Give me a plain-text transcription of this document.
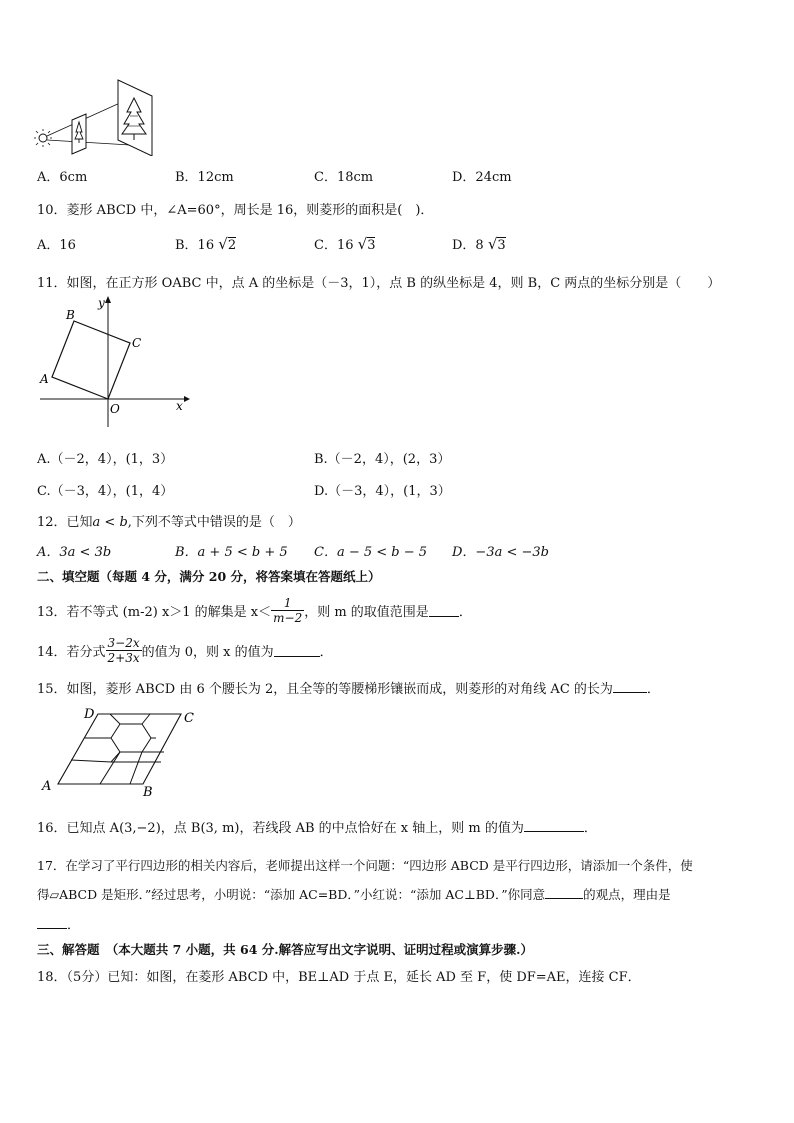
A．6cm	B．12cm	C．18cm	D．24cm
10．菱形 ABCD 中，∠A=60°，周长是 16，则菱形的面积是(　)．
A．16	B．16 √2	C．16 √3	D．8 √3
11．如图，在正方形 OABC 中，点 A 的坐标是（－3，1），点 B 的纵坐标是 4，则 B，C 两点的坐标分别是（　　）
B
C
A
O	x
y
A.（－2，4），(1，3）	B.（－2，4），(2，3）
C.（－3，4），(1，4）	D.（－3，4），(1，3）
12．已知a < b,下列不等式中错误的是（　）
A．3a < 3b	B．a + 5 < b + 5 C．a − 5 < b − 5 D．−3a < −3b
二、填空题（每题 4 分，满分 20 分，将答案填在答题纸上）
13．若不等式 (m-2) x＞1 的解集是 $x< \frac{1}{m-2}$ ，则 m 的取值范围是 ．
14．若分式 $\frac{3-2x}{2+3x}$ 的值为 0，则 x 的值为	．
15．如图，菱形 ABCD 由 6 个腰长为 2，且全等的等腰梯形镶嵌而成，则菱形的对角线 AC 的长为	．
D	C
A	B
16．已知点 A(3,−2)，点 B(3, m)，若线段 AB 的中点恰好在 x 轴上，则 m 的值为	．
17．在学习了平行四边形的相关内容后，老师提出这样一个问题：“四边形 ABCD 是平行四边形，请添加一个条件，使
得▱ABCD 是矩形．”经过思考，小明说：“添加 AC=BD．”小红说：“添加 AC⊥BD．”你同意	的观点，理由是
．
三、解答题　（本大题共 7 小题，共 64 分.解答应写出文字说明、证明过程或演算步骤.）
18．（5分）已知：如图，在菱形 ABCD 中，BE⊥AD 于点 E，延长 AD 至 F，使 DF=AE，连接 CF．
